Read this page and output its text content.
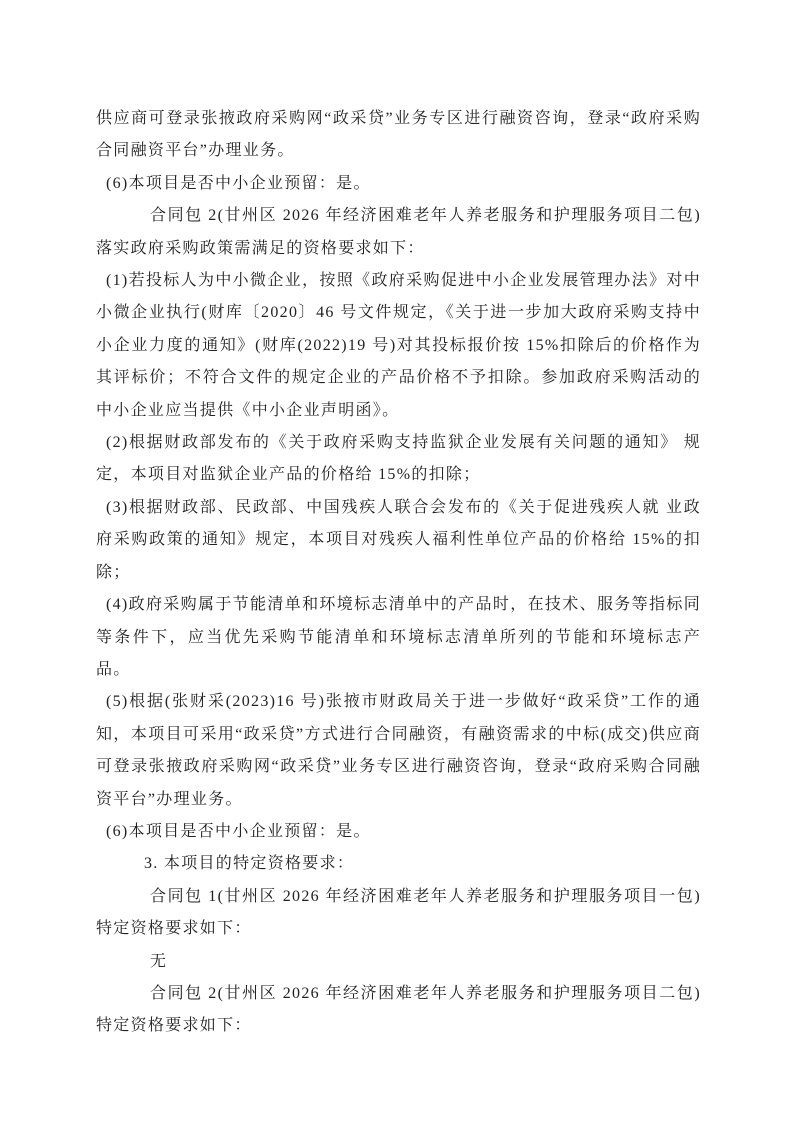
供应商可登录张掖政府采购网“政采贷”业务专区进行融资咨询，登录“政府采购合同融资平台”办理业务。

(6)本项目是否中小企业预留：是。

合同包 2(甘州区 2026 年经济困难老年人养老服务和护理服务项目二包)落实政府采购政策需满足的资格要求如下：

(1)若投标人为中小微企业，按照《政府采购促进中小企业发展管理办法》对中小微企业执行(财库〔2020〕46 号文件规定，《关于进一步加大政府采购支持中小企业力度的通知》(财库(2022)19 号)对其投标报价按 15%扣除后的价格作为其评标价；不符合文件的规定企业的产品价格不予扣除。参加政府采购活动的中小企业应当提供《中小企业声明函》。

(2)根据财政部发布的《关于政府采购支持监狱企业发展有关问题的通知》 规定，本项目对监狱企业产品的价格给 15%的扣除；

(3)根据财政部、民政部、中国残疾人联合会发布的《关于促进残疾人就 业政府采购政策的通知》规定，本项目对残疾人福利性单位产品的价格给 15%的扣除；

(4)政府采购属于节能清单和环境标志清单中的产品时，在技术、服务等指标同等条件下，应当优先采购节能清单和环境标志清单所列的节能和环境标志产品。

(5)根据(张财采(2023)16 号)张掖市财政局关于进一步做好“政采贷”工作的通知，本项目可采用“政采贷”方式进行合同融资，有融资需求的中标(成交)供应商可登录张掖政府采购网“政采贷”业务专区进行融资咨询，登录“政府采购合同融资平台”办理业务。

(6)本项目是否中小企业预留：是。

3. 本项目的特定资格要求：

合同包 1(甘州区 2026 年经济困难老年人养老服务和护理服务项目一包)特定资格要求如下：

无

合同包 2(甘州区 2026 年经济困难老年人养老服务和护理服务项目二包)特定资格要求如下：
